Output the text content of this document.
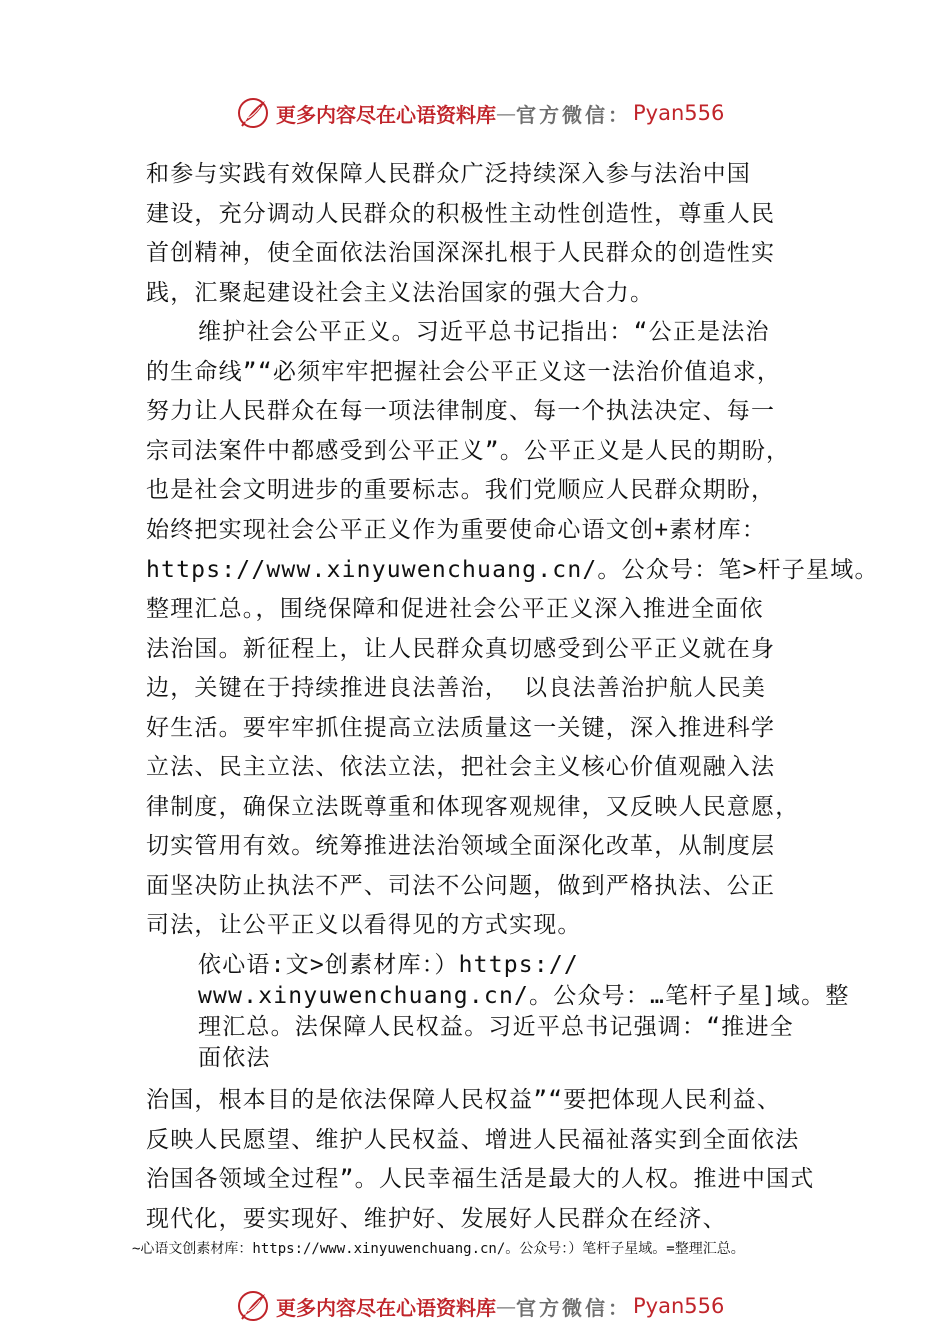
更多内容尽在心语资料库 — 官方微信： Pyan556
和参与实践有效保障人民群众广泛持续深入参与法治中国
建设，充分调动人民群众的积极性主动性创造性，尊重人民
首创精神，使全面依法治国深深扎根于人民群众的创造性实
践，汇聚起建设社会主义法治国家的强大合力。
维护社会公平正义。习近平总书记指出：“公正是法治
的生命线”“必须牢牢把握社会公平正义这一法治价值追求，
努力让人民群众在每一项法律制度、每一个执法决定、每一
宗司法案件中都感受到公平正义”。公平正义是人民的期盼，
也是社会文明进步的重要标志。我们党顺应人民群众期盼，
始终把实现社会公平正义作为重要使命心语文创+素材库：
https://www.xinyuwenchuang.cn/。公众号：笔>杆子星域。
整理汇总。，围绕保障和促进社会公平正义深入推进全面依
法治国。新征程上，让人民群众真切感受到公平正义就在身
边，关键在于持续推进良法善治， 以良法善治护航人民美
好生活。要牢牢抓住提高立法质量这一关键，深入推进科学
立法、民主立法、依法立法，把社会主义核心价值观融入法
律制度，确保立法既尊重和体现客观规律，又反映人民意愿，
切实管用有效。统筹推进法治领域全面深化改革，从制度层
面坚决防止执法不严、司法不公问题，做到严格执法、公正
司法，让公平正义以看得见的方式实现。
依心语:文>创素材库：）https://
www.xinyuwenchuang.cn/。公众号：…笔杆子星]域。整
理汇总。法保障人民权益。习近平总书记强调：“推进全
面依法
治国，根本目的是依法保障人民权益”“要把体现人民利益、
反映人民愿望、维护人民权益、增进人民福祉落实到全面依法
治国各领域全过程”。人民幸福生活是最大的人权。推进中国式
现代化，要实现好、维护好、发展好人民群众在经济、
~心语文创素材库：https://www.xinyuwenchuang.cn/。公众号：）笔杆子星域。=整理汇总。
更多内容尽在心语资料库 — 官方微信： Pyan556
